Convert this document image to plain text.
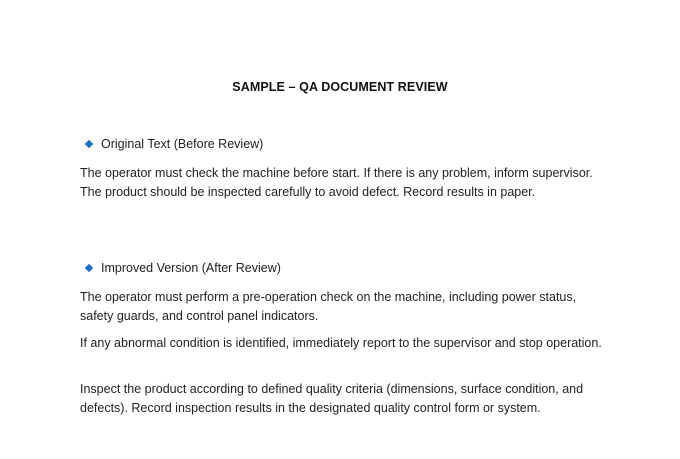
SAMPLE – QA DOCUMENT REVIEW
Original Text (Before Review)

The operator must check the machine before start. If there is any problem, inform supervisor. The product should be inspected carefully to avoid defect. Record results in paper.

Improved Version (After Review)

The operator must perform a pre-operation check on the machine, including power status, safety guards, and control panel indicators.

If any abnormal condition is identified, immediately report to the supervisor and stop operation.

Inspect the product according to defined quality criteria (dimensions, surface condition, and defects). Record inspection results in the designated quality control form or system.
